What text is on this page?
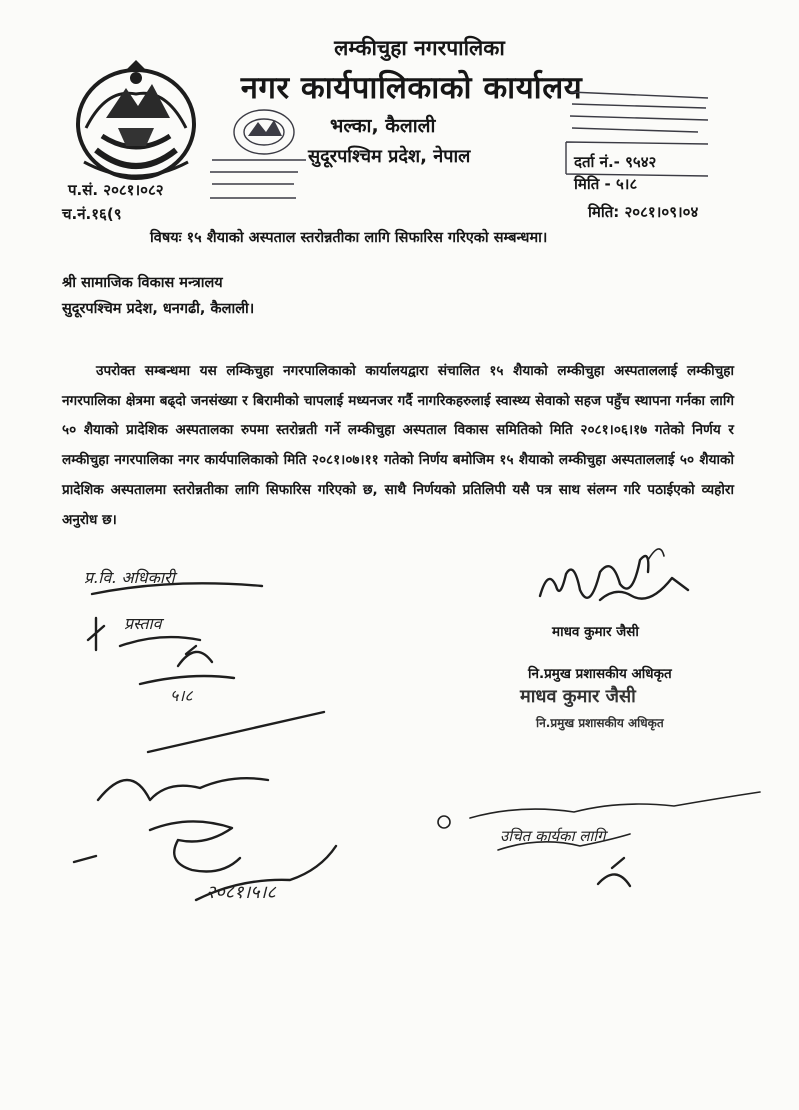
लम्कीचुहा नगरपालिका
नगर कार्यपालिकाको कार्यालय
भल्का, कैलाली
सुदूरपश्चिम प्रदेश, नेपाल	दर्ता नं.- ९५४२
मिति - ५।८
प.सं. २०८१।०८२
च.नं.१६(९	मिति: २०८१।०९।०४
विषयः १५ शैयाको अस्पताल स्तरोन्नतीका लागि सिफारिस गरिएको सम्बन्धमा।
श्री सामाजिक विकास मन्त्रालय
सुदूरपश्चिम प्रदेश, धनगढी, कैलाली।
उपरोक्त सम्बन्धमा यस लम्किचुहा नगरपालिकाको कार्यालयद्वारा संचालित १५ शैयाको लम्कीचुहा अस्पताललाई लम्कीचुहा नगरपालिका क्षेत्रमा बढ्दो जनसंख्या र बिरामीको चापलाई मध्यनजर गर्दै नागरिकहरुलाई स्वास्थ्य सेवाको सहज पहुँच स्थापना गर्नका लागि ५० शैयाको प्रादेशिक अस्पतालका रुपमा स्तरोन्नती गर्ने लम्कीचुहा अस्पताल विकास समितिको मिति २०८१।०६।१७ गतेको निर्णय र लम्कीचुहा नगरपालिका नगर कार्यपालिकाको मिति २०८१।०७।११ गतेको निर्णय बमोजिम १५ शैयाको लम्कीचुहा अस्पताललाई ५० शैयाको प्रादेशिक अस्पतालमा स्तरोन्नतीका लागि सिफारिस गरिएको छ, साथै निर्णयको प्रतिलिपी यसै पत्र साथ संलग्न गरि पठाईएको व्यहोरा अनुरोध छ।
माधव कुमार जैसी
नि.प्रमुख प्रशासकीय अधिकृत
माधव कुमार जैसी
नि.प्रमुख प्रशासकीय अधिकृत
प्र.वि. अधिकारी
प्रस्ताव
५।८
२०८१।५।८
उचित कार्यका लागि
